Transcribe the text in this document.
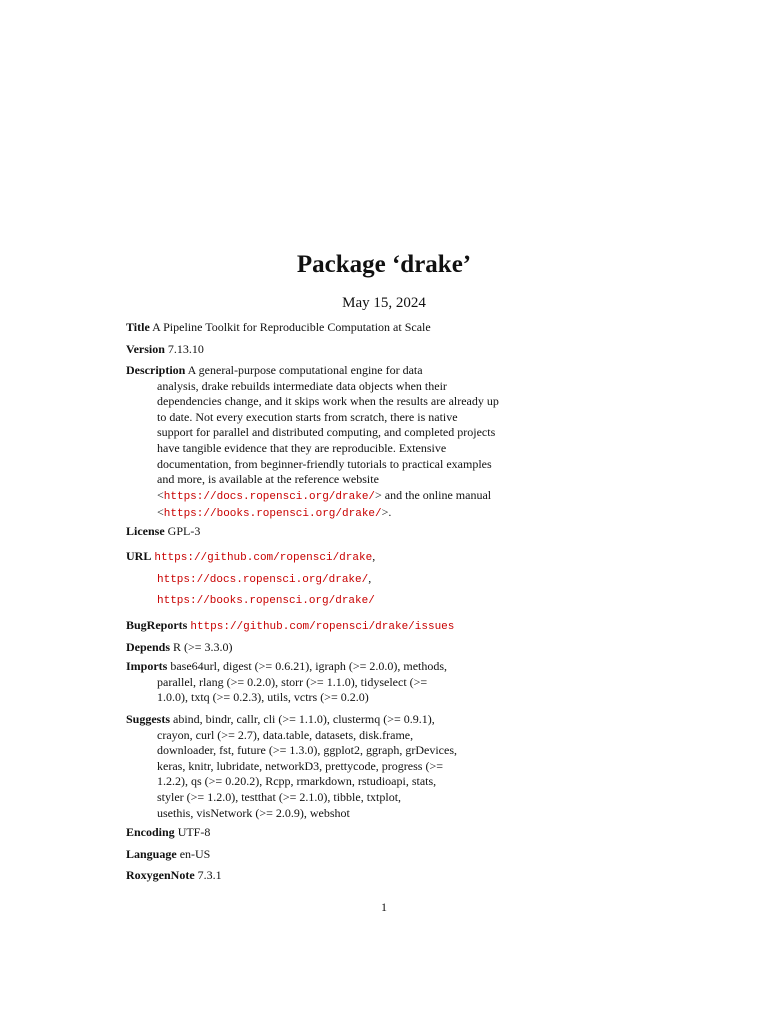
Package ‘drake’
May 15, 2024
Title A Pipeline Toolkit for Reproducible Computation at Scale
Version 7.13.10
Description A general-purpose computational engine for data
analysis, drake rebuilds intermediate data objects when their
dependencies change, and it skips work when the results are already up
to date. Not every execution starts from scratch, there is native
support for parallel and distributed computing, and completed projects
have tangible evidence that they are reproducible. Extensive
documentation, from beginner-friendly tutorials to practical examples
and more, is available at the reference website
<https://docs.ropensci.org/drake/> and the online manual
<https://books.ropensci.org/drake/>.
License GPL-3
URL https://github.com/ropensci/drake,
https://docs.ropensci.org/drake/,
https://books.ropensci.org/drake/
BugReports https://github.com/ropensci/drake/issues
Depends R (>= 3.3.0)
Imports base64url, digest (>= 0.6.21), igraph (>= 2.0.0), methods,
parallel, rlang (>= 0.2.0), storr (>= 1.1.0), tidyselect (>=
1.0.0), txtq (>= 0.2.3), utils, vctrs (>= 0.2.0)
Suggests abind, bindr, callr, cli (>= 1.1.0), clustermq (>= 0.9.1),
crayon, curl (>= 2.7), data.table, datasets, disk.frame,
downloader, fst, future (>= 1.3.0), ggplot2, ggraph, grDevices,
keras, knitr, lubridate, networkD3, prettycode, progress (>=
1.2.2), qs (>= 0.20.2), Rcpp, rmarkdown, rstudioapi, stats,
styler (>= 1.2.0), testthat (>= 2.1.0), tibble, txtplot,
usethis, visNetwork (>= 2.0.9), webshot
Encoding UTF-8
Language en-US
RoxygenNote 7.3.1
1
